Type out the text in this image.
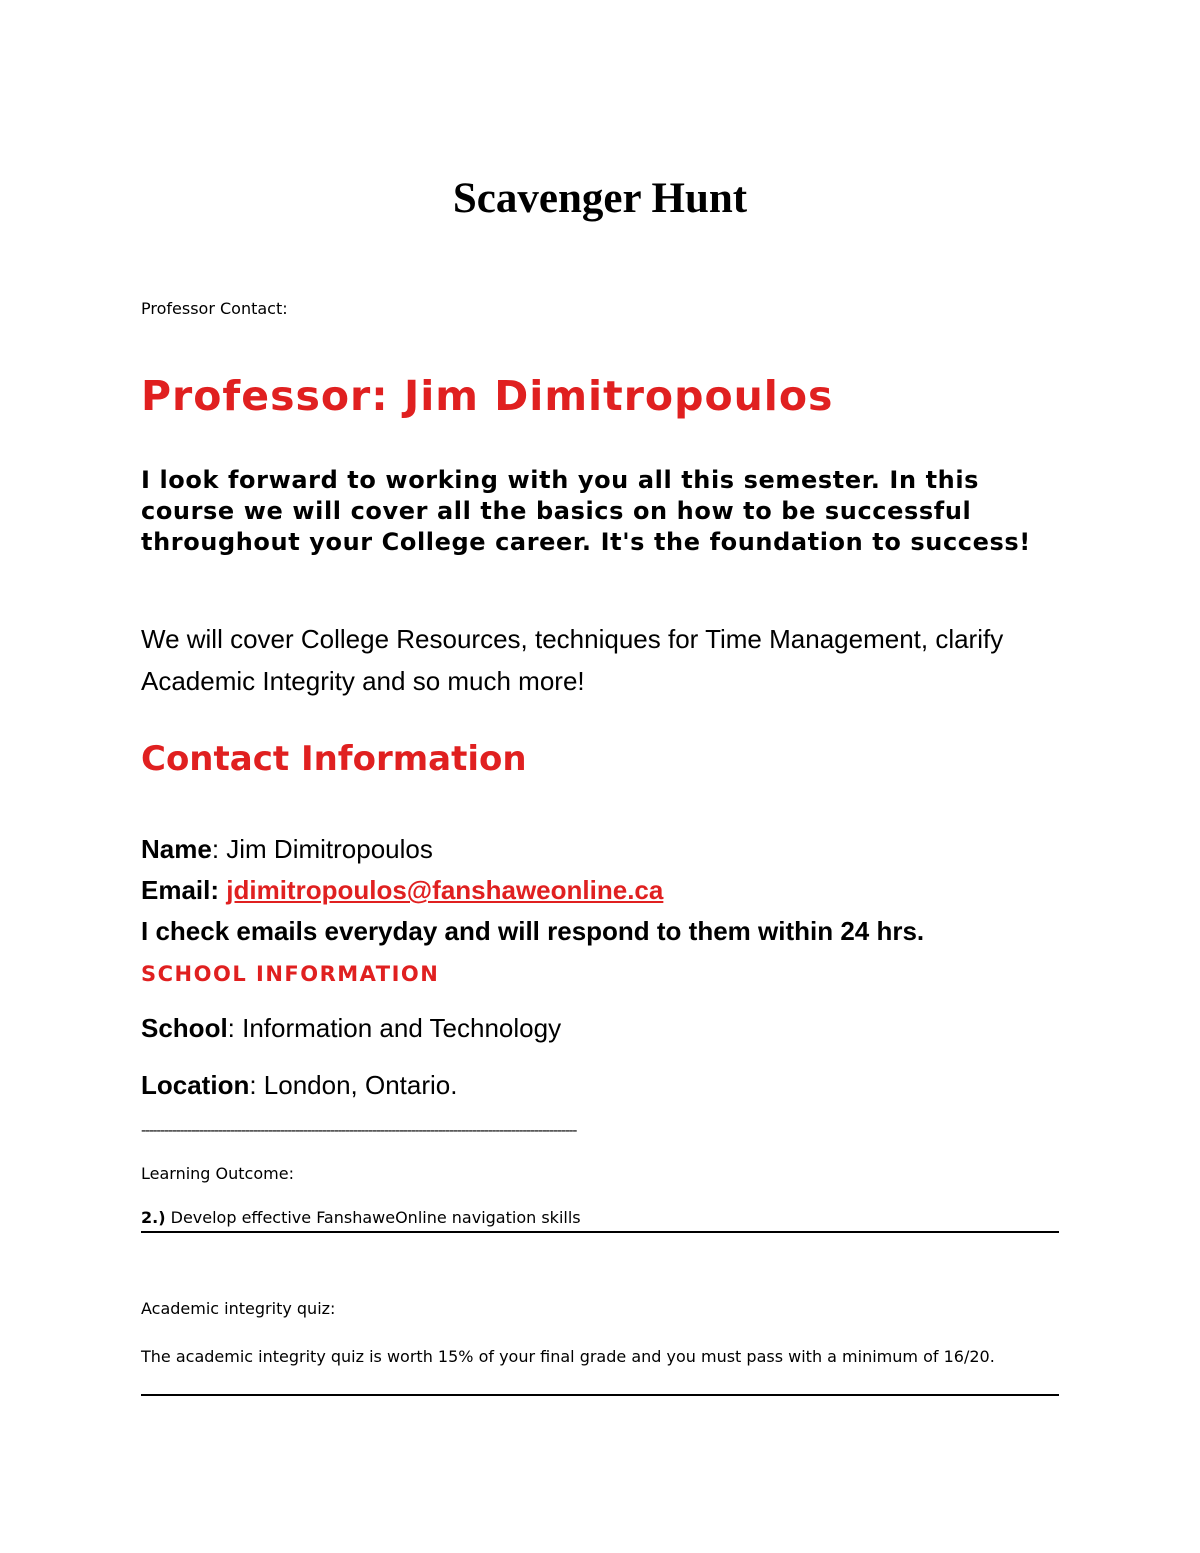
Scavenger Hunt
Professor Contact:
Professor: Jim Dimitropoulos

I look forward to working with you all this semester. In this course we will cover all the basics on how to be successful throughout your College career. It's the foundation to success!

We will cover College Resources, techniques for Time Management, clarify Academic Integrity and so much more!

Contact Information
Name: Jim Dimitropoulos
Email: jdimitropoulos@fanshaweonline.ca
I check emails everyday and will respond to them within 24 hrs.
SCHOOL INFORMATION
School: Information and Technology
Location: London, Ontario.
-----------------------------------------------------------------------------------------------------------------
Learning Outcome:
2.) Develop effective FanshaweOnline navigation skills
Academic integrity quiz:

The academic integrity quiz is worth 15% of your final grade and you must pass with a minimum of 16/20.
